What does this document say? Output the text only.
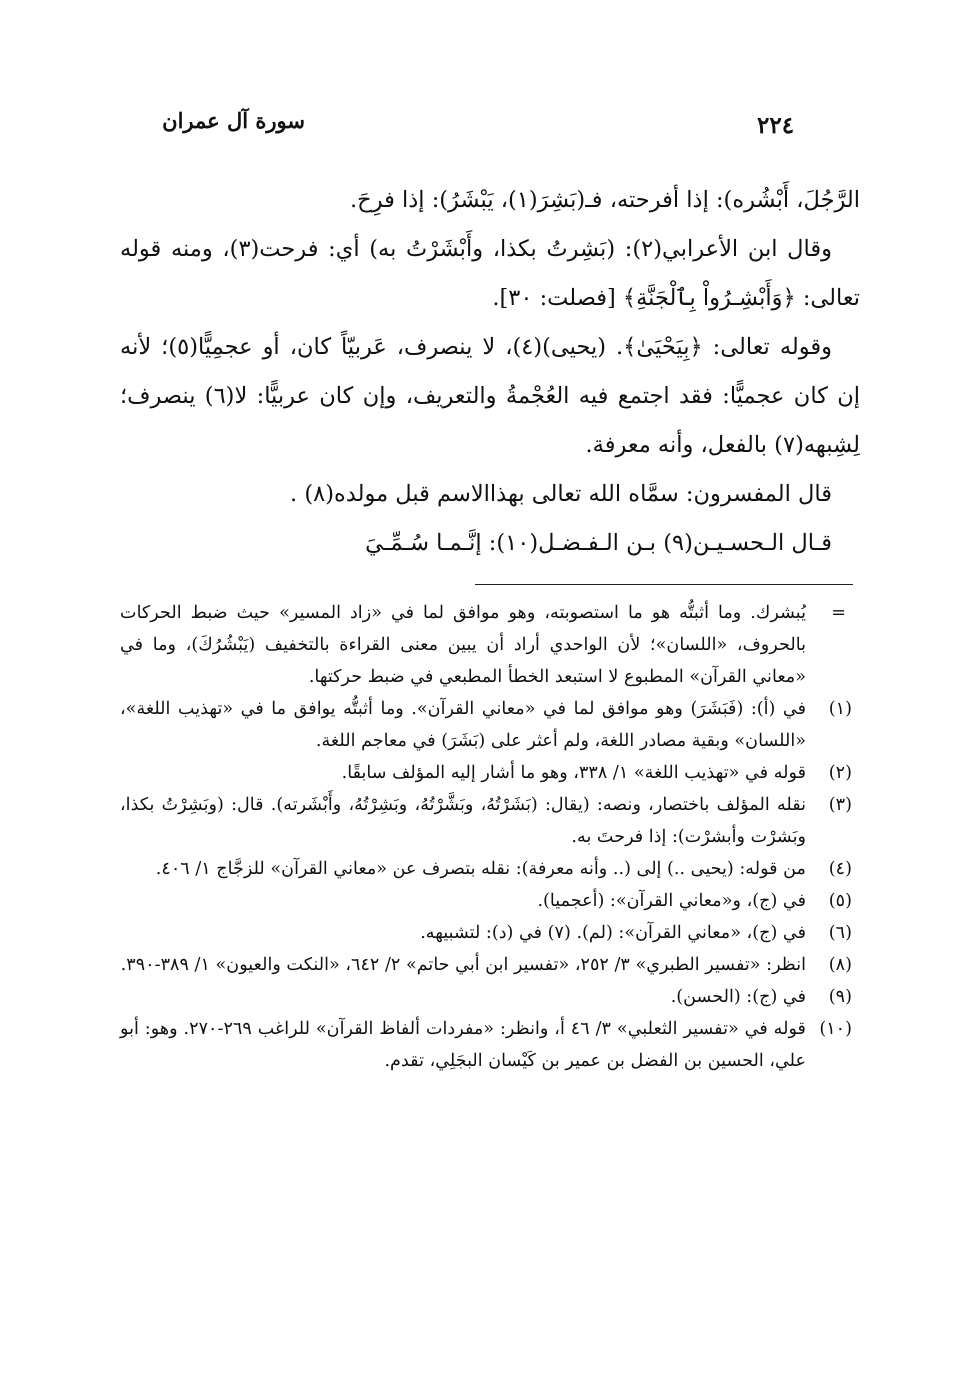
سورة آل عمران	٢٢٤

الرَّجُلَ، أَبْشُره): إذا أفرحته، فـ(بَشِرَ(١)، يَبْشَرُ): إذا فرِحَ.

وقال ابن الأعرابي(٢): (بَشِرتُ بكذا، وأَبْشَرْتُ به) أي: فرحت(٣)، ومنه قوله تعالى: ﴿وَأَبْشِـرُواْ بِٱلْجَنَّةِ﴾ [فصلت: ٣٠].

وقوله تعالى: ﴿بِيَحْيَىٰ﴾. (يحيى)(٤)، لا ينصرف، عَربيّاً كان، أو عجمِيًّا(٥)؛ لأنه إن كان عجميًّا: فقد اجتمع فيه العُجْمةُ والتعريف، وإن كان عربيًّا: لا(٦) ينصرف؛ لِشِبهه(٧) بالفعل، وأنه معرفة.

قال المفسرون: سمَّاه الله تعالى بهذاالاسم قبل مولده(٨) .

قـال الـحسـيـن(٩) بـن الـفـضـل(١٠): إنَّـمـا سُـمِّـيَ

=
يُبشرك. وما أثبتُّه هو ما استصوبته، وهو موافق لما في «زاد المسير» حيث ضبط الحركات بالحروف، «اللسان»؛ لأن الواحدي أراد أن يبين معنى القراءة بالتخفيف (يَبْشُرُكَ)، وما في «معاني القرآن» المطبوع لا استبعد الخطأ المطبعي في ضبط حركتها.
(١)
في (أ): (فَبَشَرَ) وهو موافق لما في «معاني القرآن». وما أثبتُّه يوافق ما في «تهذيب اللغة»، «اللسان» وبقية مصادر اللغة، ولم أعثر على (بَشَرَ) في معاجم اللغة.
(٢)
قوله في «تهذيب اللغة» ١/ ٣٣٨، وهو ما أشار إليه المؤلف سابقًا.
(٣)
نقله المؤلف باختصار، ونصه: (يقال: (بَشَرْتُهُ، وبَشَّرْتُهُ، وبَشِرْتُهُ، وأَبْشَرته). قال: (وبَشِرْتُ بكذا، وبَشرْت وأبشرْت): إذا فرحتَ به.
(٤)
من قوله: (يحيى ..) إلى (.. وأنه معرفة): نقله بتصرف عن «معاني القرآن» للزجَّاج ١/ ٤٠٦.
(٥)
في (ج)، و«معاني القرآن»: (أعجميا).
(٦)
في (ج)، «معاني القرآن»: (لم). (٧) في (د): لتشبيهه.
(٨)
انظر: «تفسير الطبري» ٣/ ٢٥٢، «تفسير ابن أبي حاتم» ٢/ ٦٤٢، «النكت والعيون» ١/ ٣٨٩-٣٩٠.
(٩)
في (ج): (الحسن).
(١٠)
قوله في «تفسير الثعلبي» ٣/ ٤٦ أ، وانظر: «مفردات ألفاظ القرآن» للراغب ٢٦٩-٢٧٠. وهو: أبو علي، الحسين بن الفضل بن عمير بن كَيْسان البجَلِي، تقدم.
